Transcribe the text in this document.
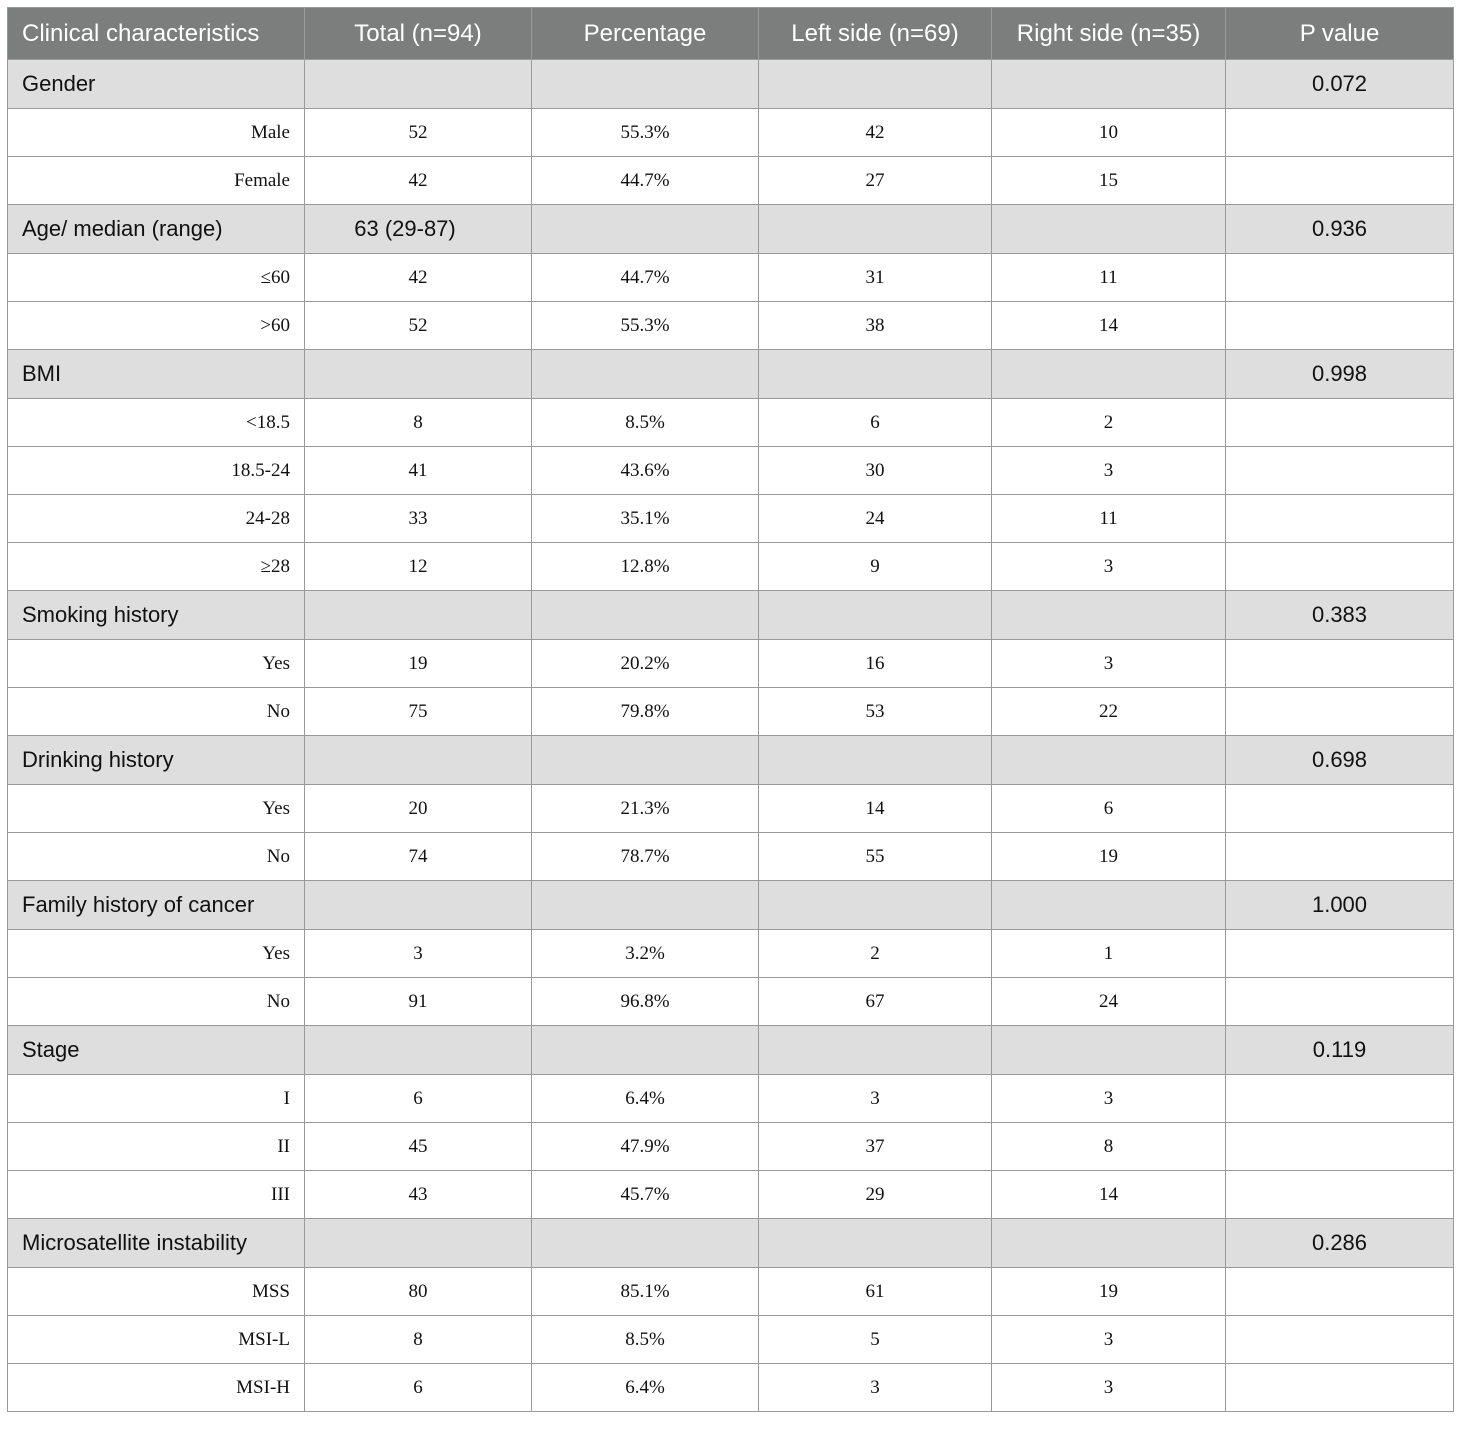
Clinical characteristics	Total (n=94)	Percentage	Left side (n=69)	Right side (n=35)	P value
Gender					0.072
Male	52	55.3%	42	10	
Female	42	44.7%	27	15	
Age/ median (range)	63 (29-87)				0.936
≤60	42	44.7%	31	11	
>60	52	55.3%	38	14	
BMI					0.998
<18.5	8	8.5%	6	2	
18.5-24	41	43.6%	30	3	
24-28	33	35.1%	24	11	
≥28	12	12.8%	9	3	
Smoking history					0.383
Yes	19	20.2%	16	3	
No	75	79.8%	53	22	
Drinking history					0.698
Yes	20	21.3%	14	6	
No	74	78.7%	55	19	
Family history of cancer					1.000
Yes	3	3.2%	2	1	
No	91	96.8%	67	24	
Stage					0.119
I	6	6.4%	3	3	
II	45	47.9%	37	8	
III	43	45.7%	29	14	
Microsatellite instability					0.286
MSS	80	85.1%	61	19	
MSI-L	8	8.5%	5	3	
MSI-H	6	6.4%	3	3	
